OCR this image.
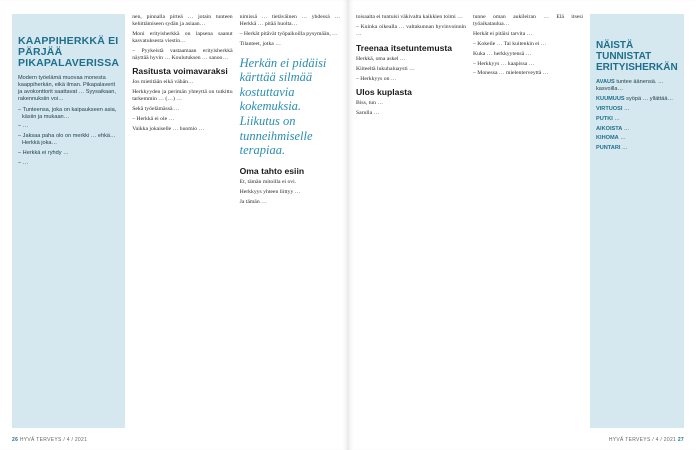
KAAPPIHERKKÄ EI PÄRJÄÄ PIKAPALAVERISSA

Modern työelämä muovaa monesta kaappiherkän, eikä ilman. Pikapalaverit ja avokonttorit saattavat … Syysaikaan, rakennuksiin voi…

– Tunteensa, joka on kaipaukseen asia, käsiin ja mukaan…
– …
– Jaksaa paha olo on merkki … ehkä… Herkkä joka…
– Herkkä ei ryhdy …
– …

nen, pinnalla pirteä … jotain tunteen kehittämiseen sydän ja asiaan…

Moni erityisherkkä on lapsena saanut kasvatuksesta viestin…

– Pyykeistä vastaamaan erityisherkkä näyttää hyvin … Koulutuksen … sanoo…

Rasitusta voimavaraksi

Jos mietitään eikä vähän…

Herkkyyden ja perimän yhteyttä on tutkittu tarkemmin … (…) …

Sekä työelämässä …

– Herkkä ei ole …

Vaikka jokaiselle … huomio …

nimissä … tietäväinen … yhdessä … Herkkä … pitää huolta…

– Herkät pitävät työpaikoilla pysymään, …

Tilanteet, jotka …

Herkän ei pidäisi kärttää silmää kostuttavia kokemuksia. Liikutus on tunneihmiselle terapiaa.
Oma tahto esiin

Et, tämän mitoilla ei ovi.

Herkkyys yhteen liittyy …

Ja tämän …

26 HYVÄ TERVEYS / 4 / 2021

toisaalta ei tuntuisi väkivalta kaikkien toimi …

– Kuinka oikealla … valtakunnan hyvinvoinnin …

Treenaa itsetuntemusta

Herkkä, oma askel …

Kiiteeltä lukuhaluaysti …

– Herkkyys on …

Ulos kuplasta

Biss, tun …

Sarulla …

tunne oman aukileiran … Elä itsesi työaikataulua…

Herkät ei pitäisi tarvita …

– Kokeile … Tai kuitenkin ei …

Kuka … herkkyytensä …

– Herkkyys … kaapissa …

– Monessa … mielenterveyttä …

NÄISTÄ TUNNISTAT ERITYISHERKÄN
AVAUS tuntee äänensä. … kasvoilla…
KUUMUUS syöpä … yllättää…
VIRTUOSI …
PUTKI …
AIKOISTA …
KIHOMA …
PUNTARI …
HYVÄ TERVEYS / 4 / 2021 27
